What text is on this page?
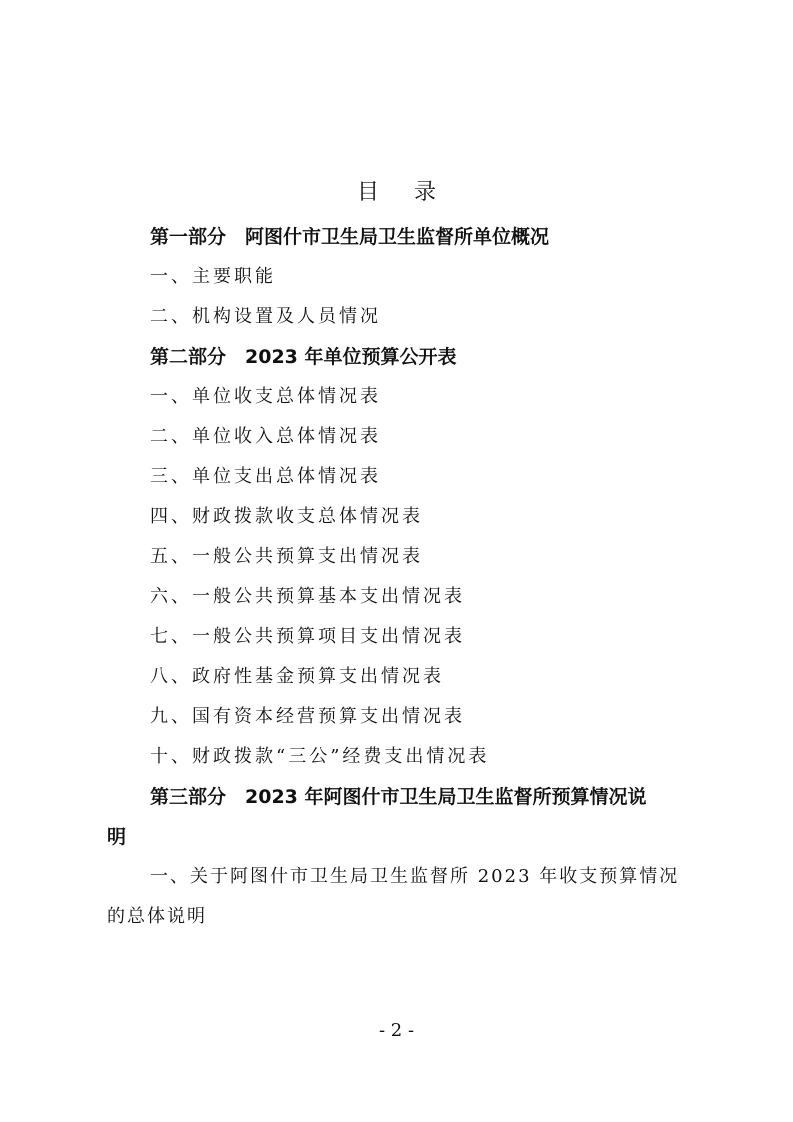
目 录
第一部分　阿图什市卫生局卫生监督所单位概况
一、主要职能
二、机构设置及人员情况
第二部分　2023 年单位预算公开表
一、单位收支总体情况表
二、单位收入总体情况表
三、单位支出总体情况表
四、财政拨款收支总体情况表
五、一般公共预算支出情况表
六、一般公共预算基本支出情况表
七、一般公共预算项目支出情况表
八、政府性基金预算支出情况表
九、国有资本经营预算支出情况表
十、财政拨款“三公”经费支出情况表
第三部分　2023 年阿图什市卫生局卫生监督所预算情况说
明
一、关于阿图什市卫生局卫生监督所 2023 年收支预算情况
的总体说明
- 2 -
